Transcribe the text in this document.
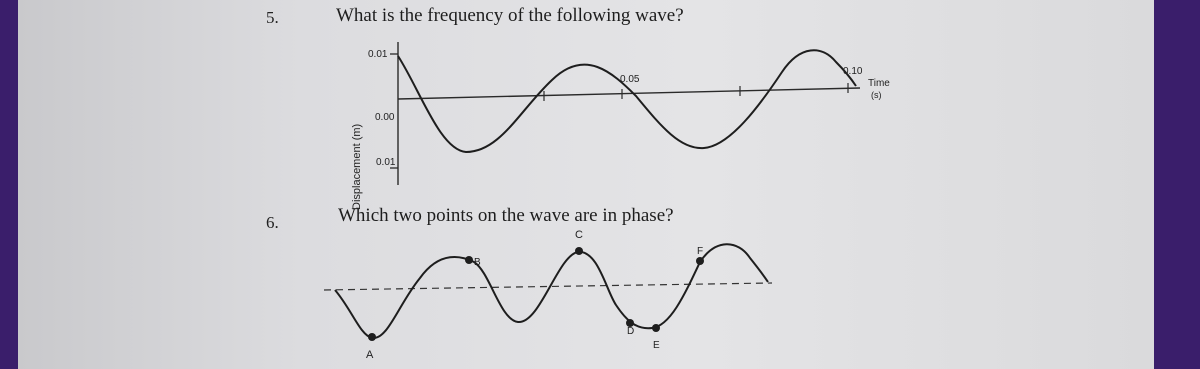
5.	What is the frequency of the following wave?
6.	Which two points on the wave are in phase?
0.01
0.00
0.01
0.05
0.10
Time
(s)
Displacement (m)
A
B
C
D
E
F
